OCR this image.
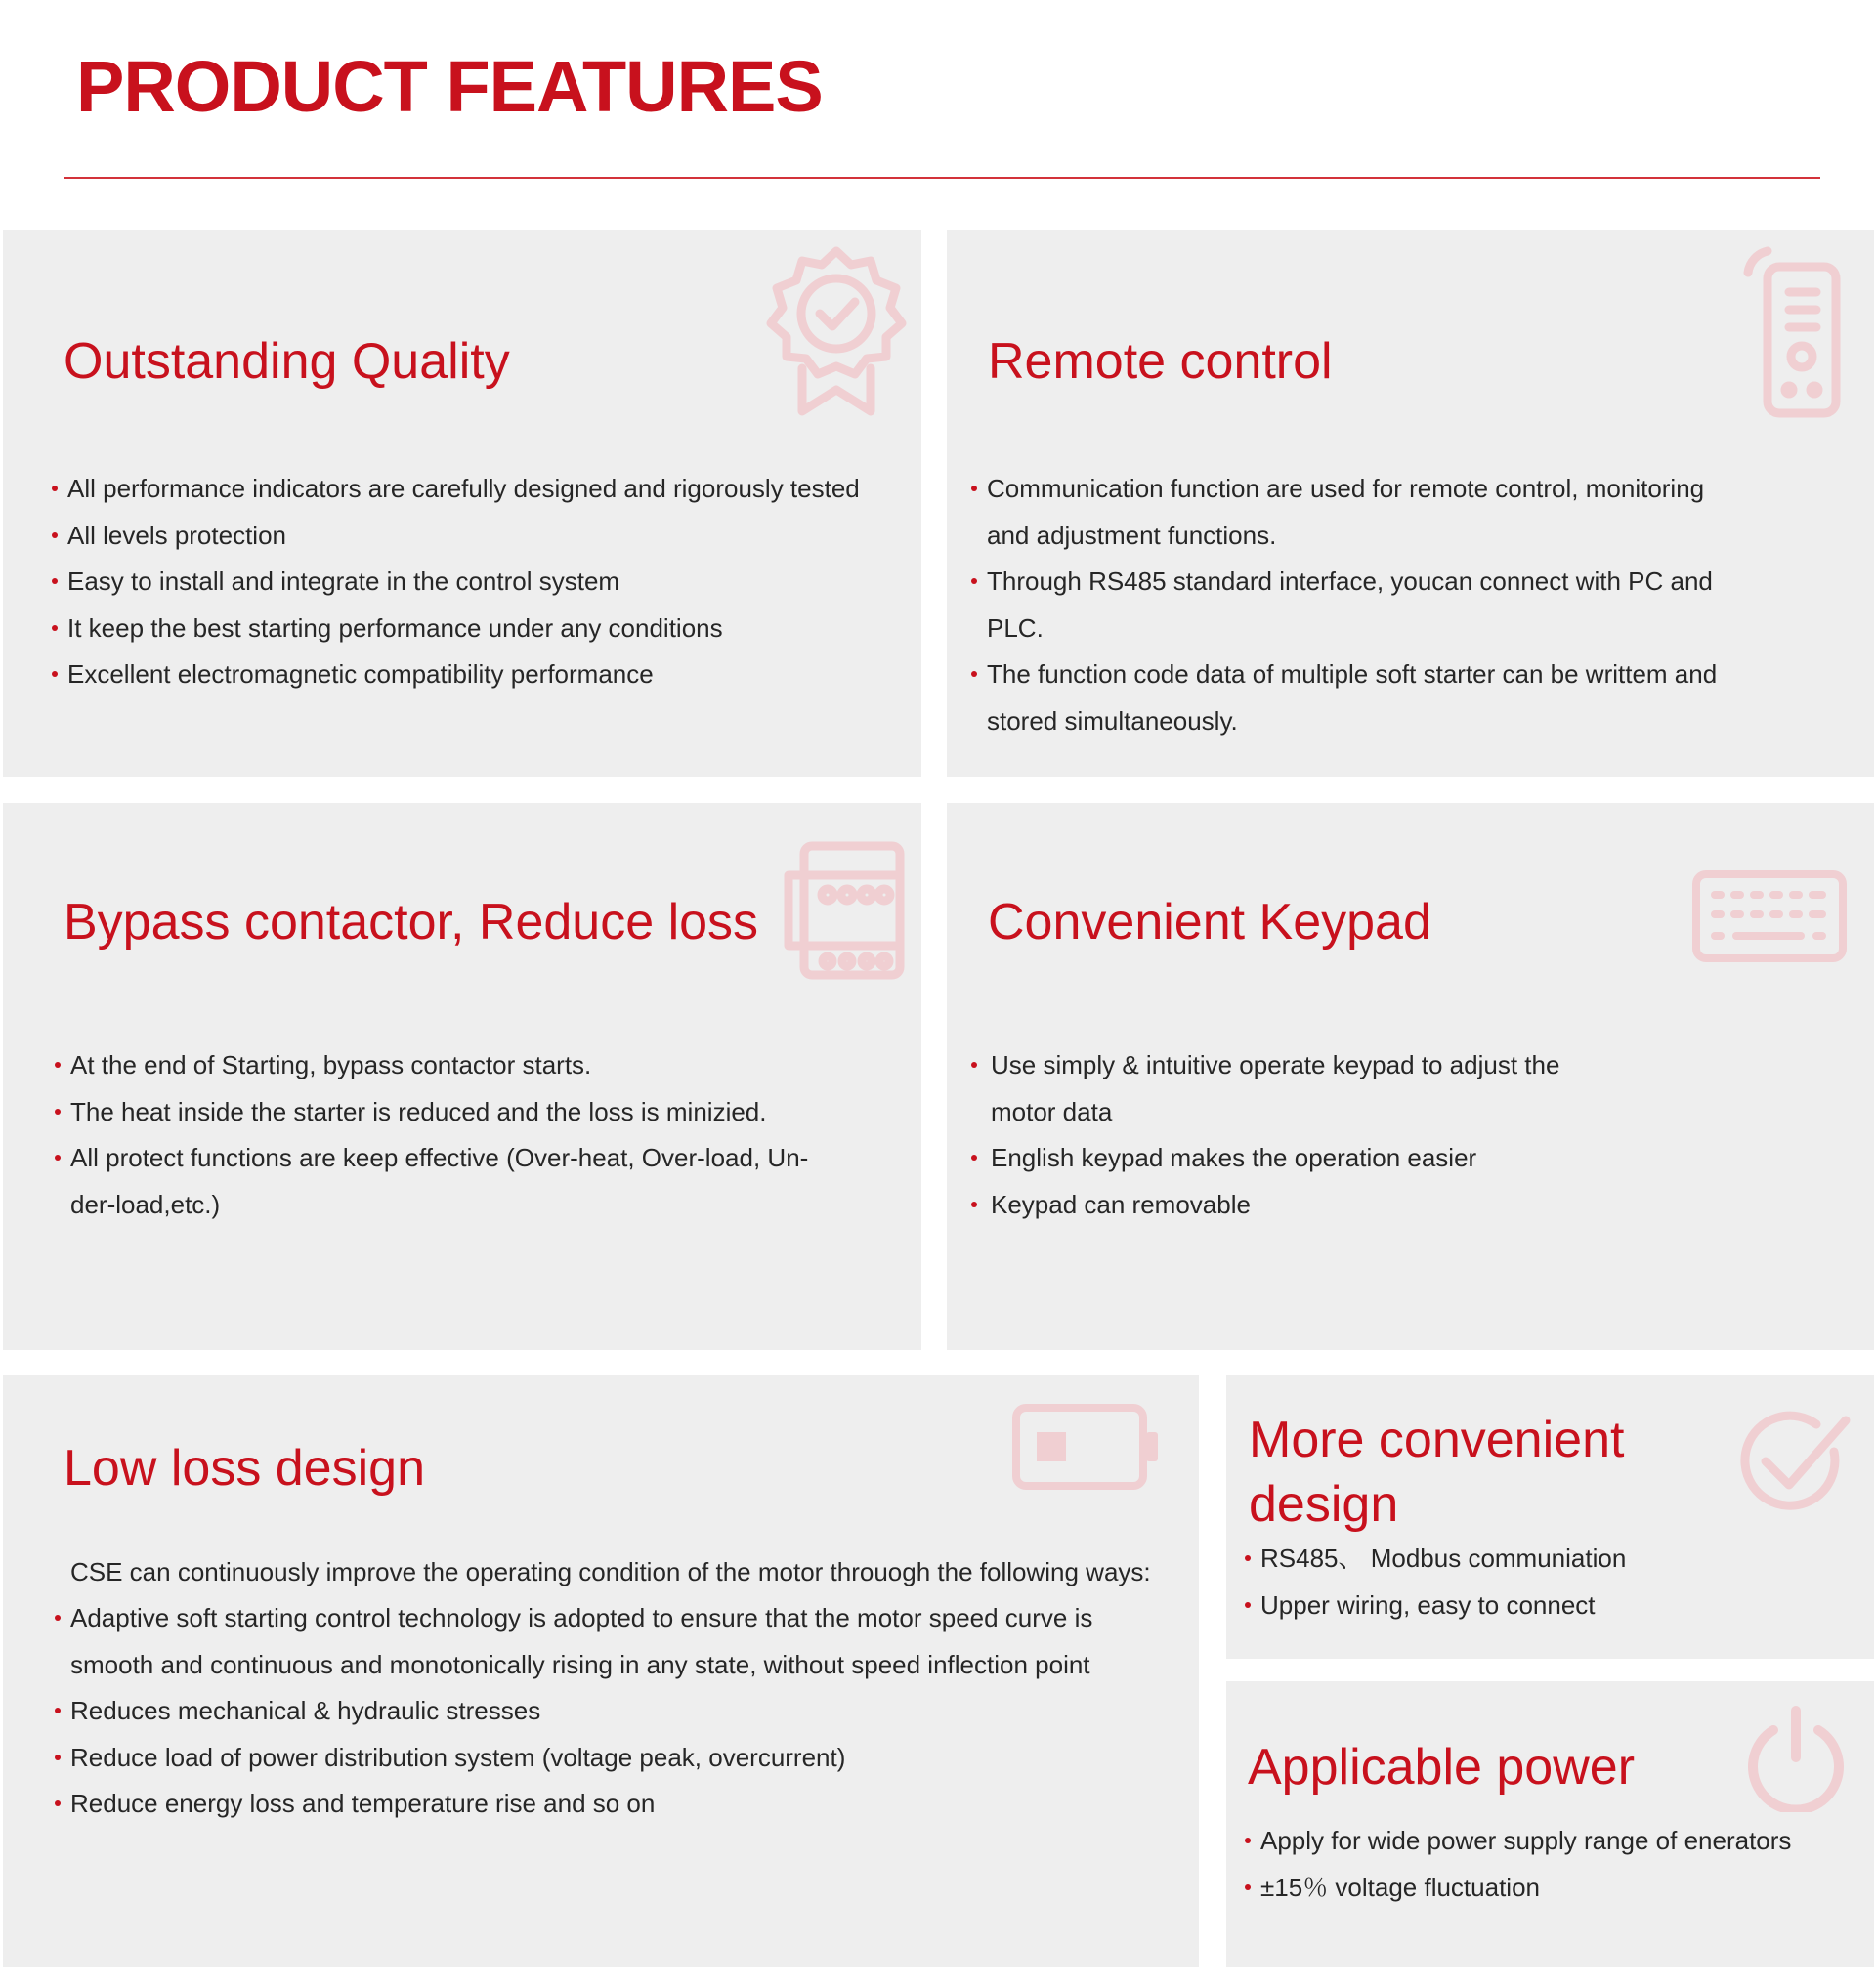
PRODUCT FEATURES
Outstanding Quality
All performance indicators are carefully designed and rigorously tested
All levels protection
Easy to install and integrate in the control system
It keep the best starting performance under any conditions
Excellent electromagnetic compatibility performance
Remote control
Communication function are used for remote control, monitoring and adjustment functions.
Through RS485 standard interface, youcan connect with PC and PLC.
The function code data of multiple soft starter can be writtem and stored simultaneously.
Bypass contactor, Reduce loss
At the end of Starting, bypass contactor starts.
The heat inside the starter is reduced and the loss is minizied.
All protect functions are keep effective (Over-heat, Over-load, Un-der-load,etc.)
Convenient Keypad
Use simply & intuitive operate keypad to adjust the motor data
English keypad makes the operation easier
Keypad can removable
Low loss design

CSE can continuously improve the operating condition of the motor throuogh the following ways:

Adaptive soft starting control technology is adopted to ensure that the motor speed curve is smooth and continuous and monotonically rising in any state, without speed inflection point
Reduces mechanical & hydraulic stresses
Reduce load of power distribution system (voltage peak, overcurrent)
Reduce energy loss and temperature rise and so on
More convenient design
RS485、 Modbus communiation
Upper wiring, easy to connect
Applicable power
Apply for wide power supply range of enerators
±15％ voltage fluctuation
